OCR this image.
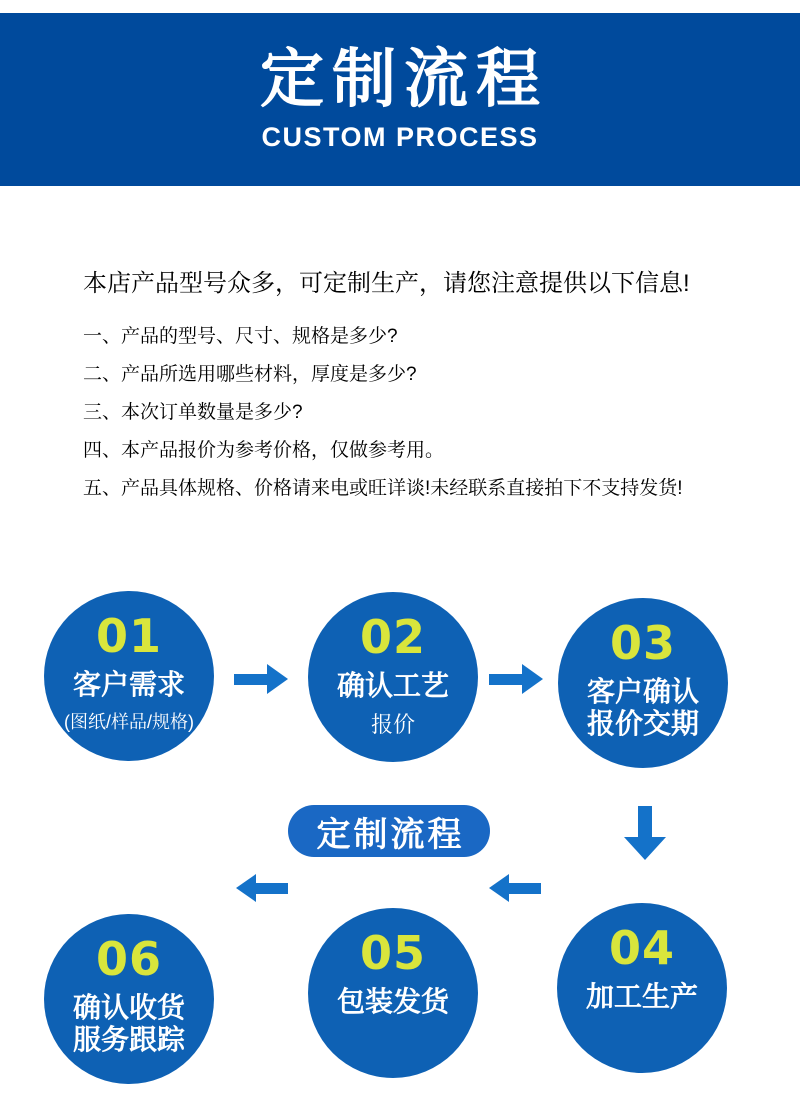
定制流程
CUSTOM PROCESS
本店产品型号众多，可定制生产，请您注意提供以下信息!
一、产品的型号、尺寸、规格是多少?
二、产品所选用哪些材料，厚度是多少?
三、本次订单数量是多少?
四、本产品报价为参考价格，仅做参考用。
五、产品具体规格、价格请来电或旺详谈!未经联系直接拍下不支持发货!
01
客户需求
(图纸/样品/规格)
02
确认工艺
报价
03
客户确认
报价交期
04
加工生产
05
包装发货
06
确认收货
服务跟踪
定制流程
